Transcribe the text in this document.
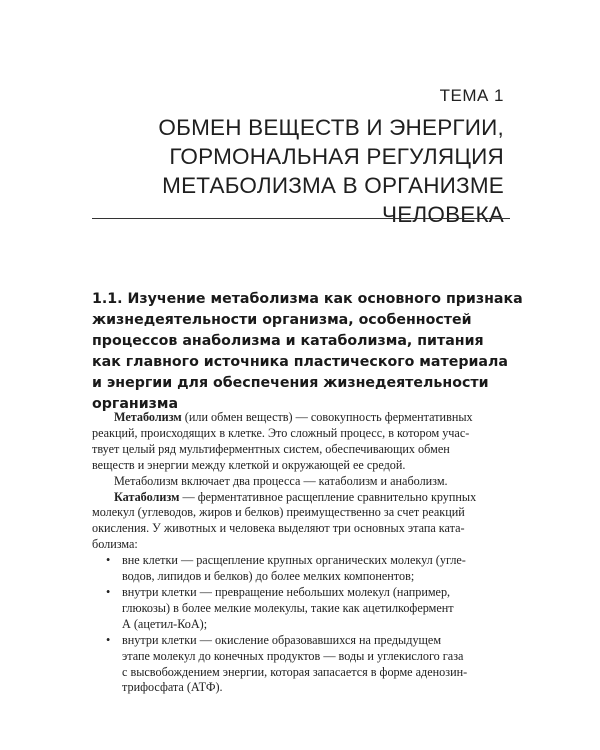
ТЕМА 1
ОБМЕН ВЕЩЕСТВ И ЭНЕРГИИ,
ГОРМОНАЛЬНАЯ РЕГУЛЯЦИЯ
МЕТАБОЛИЗМА В ОРГАНИЗМЕ
ЧЕЛОВЕКА
1.1. Изучение метаболизма как основного признака
жизнедеятельности организма, особенностей
процессов анаболизма и катаболизма, питания
как главного источника пластического материала
и энергии для обеспечения жизнедеятельности
организма
Метаболизм (или обмен веществ) — совокупность ферментативных
реакций, происходящих в клетке. Это сложный процесс, в котором учас-
твует целый ряд мультиферментных систем, обеспечивающих обмен
веществ и энергии между клеткой и окружающей ее средой.
Метаболизм включает два процесса — катаболизм и анаболизм.
Катаболизм — ферментативное расщепление сравнительно крупных
молекул (углеводов, жиров и белков) преимущественно за счет реакций
окисления. У животных и человека выделяют три основных этапа ката-
болизма:
• вне клетки — расщепление крупных органических молекул (угле-
водов, липидов и белков) до более мелких компонентов;
• внутри клетки — превращение небольших молекул (например,
глюкозы) в более мелкие молекулы, такие как ацетилкофермент
А (ацетил-КоА);
• внутри клетки — окисление образовавшихся на предыдущем
этапе молекул до конечных продуктов — воды и углекислого газа
с высвобождением энергии, которая запасается в форме аденозин-
трифосфата (АТФ).
